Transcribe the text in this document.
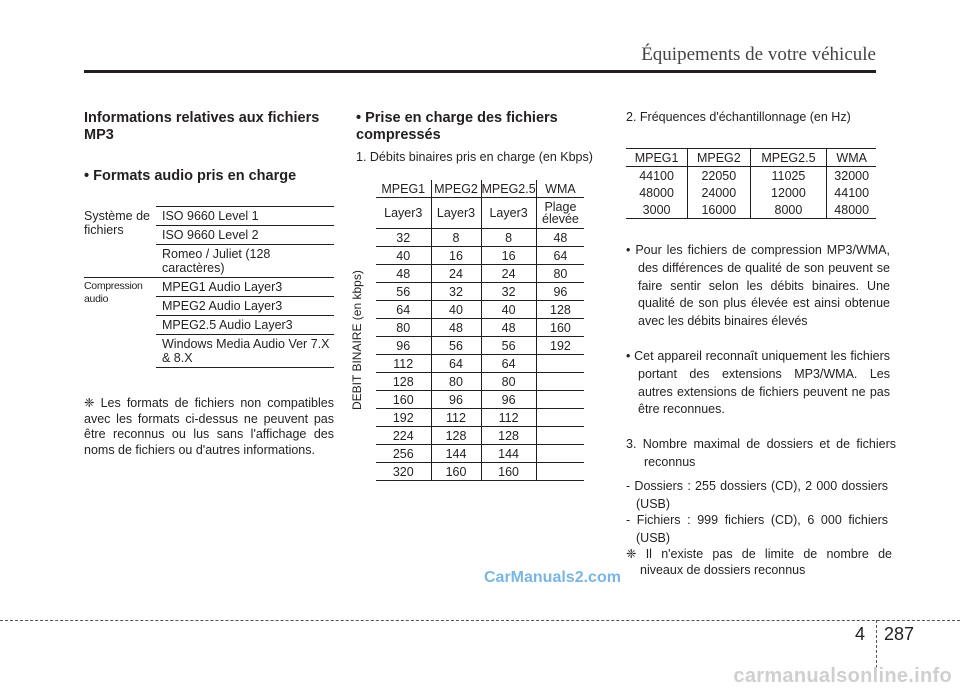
Équipements de votre véhicule
Informations relatives aux fichiers MP3
• Formats audio pris en charge
Système de fichiers	ISO 9660 Level 1
	ISO 9660 Level 2
	Romeo / Juliet (128 caractères)
Compression audio	MPEG1 Audio Layer3
	MPEG2 Audio Layer3
	MPEG2.5 Audio Layer3
	Windows Media Audio Ver 7.X & 8.X
❈ Les formats de fichiers non compatibles avec les formats ci-dessus ne peuvent pas être reconnus ou lus sans l'affichage des noms de fichiers ou d'autres informations.
• Prise en charge des fichiers compressés
1. Débits binaires pris en charge (en Kbps)
DEBIT BINAIRE (en kbps)
MPEG1	MPEG2	MPEG2.5	WMA
Layer3	Layer3	Layer3	Plage élevée
32	8	8	48
40	16	16	64
48	24	24	80
56	32	32	96
64	40	40	128
80	48	48	160
96	56	56	192
112	64	64	
128	80	80	
160	96	96	
192	112	112	
224	128	128	
256	144	144	
320	160	160	
2. Fréquences d'échantillonnage (en Hz)
MPEG1	MPEG2	MPEG2.5	WMA
44100	22050	11025	32000
48000	24000	12000	44100
3000	16000	8000	48000
• Pour les fichiers de compression MP3/WMA, des différences de qualité de son peuvent se faire sentir selon les débits binaires. Une qualité de son plus élevée est ainsi obtenue avec les débits binaires élevés
• Cet appareil reconnaît uniquement les fichiers portant des extensions MP3/WMA. Les autres extensions de fichiers peuvent ne pas être reconnues.
3. Nombre maximal de dossiers et de fichiers reconnus
- Dossiers : 255 dossiers (CD), 2 000 dossiers (USB)
- Fichiers : 999 fichiers (CD), 6 000 fichiers (USB)
❈ Il n'existe pas de limite de nombre de niveaux de dossiers reconnus
CarManuals2.com
4 287
carmanualsonline.info
